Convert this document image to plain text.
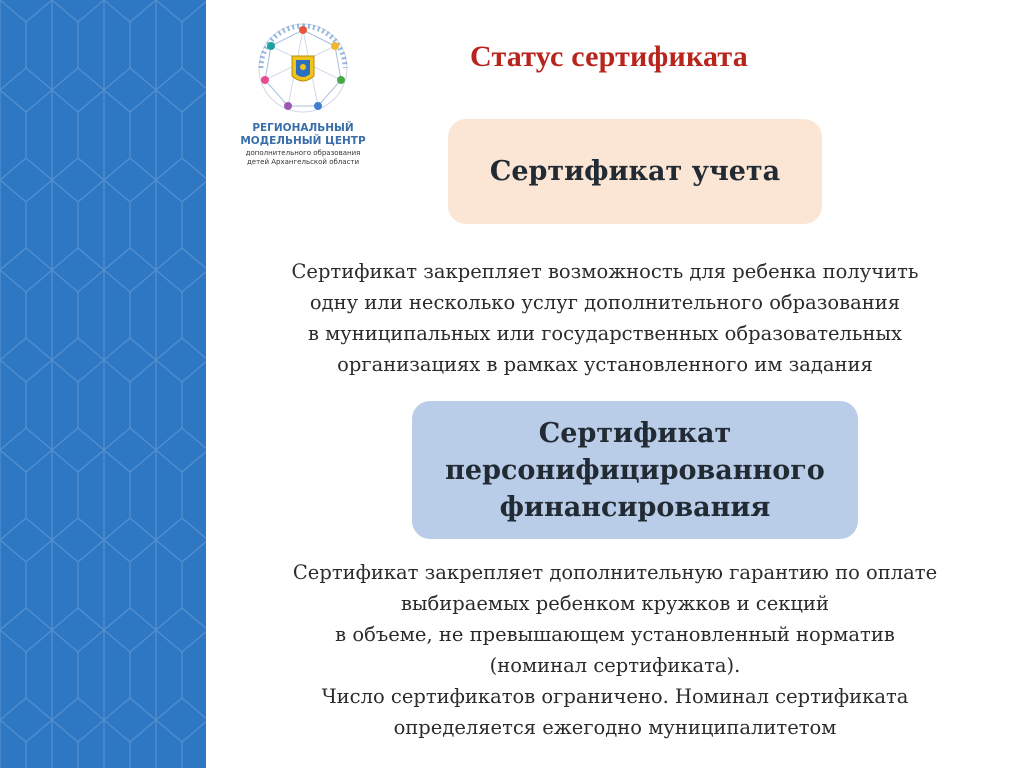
РЕГИОНАЛЬНЫЙ
МОДЕЛЬНЫЙ ЦЕНТР
дополнительного образования
детей Архангельской области
Статус сертификата
Сертификат учета
Сертификат закрепляет возможность для ребенка получить
одну или несколько услуг дополнительного образования
в муниципальных или государственных образовательных
организациях в рамках установленного им задания
Сертификат
персонифицированного
финансирования
Сертификат закрепляет дополнительную гарантию по оплате
выбираемых ребенком кружков и секций
в объеме, не превышающем установленный норматив
(номинал сертификата).
Число сертификатов ограничено. Номинал сертификата
определяется ежегодно муниципалитетом
